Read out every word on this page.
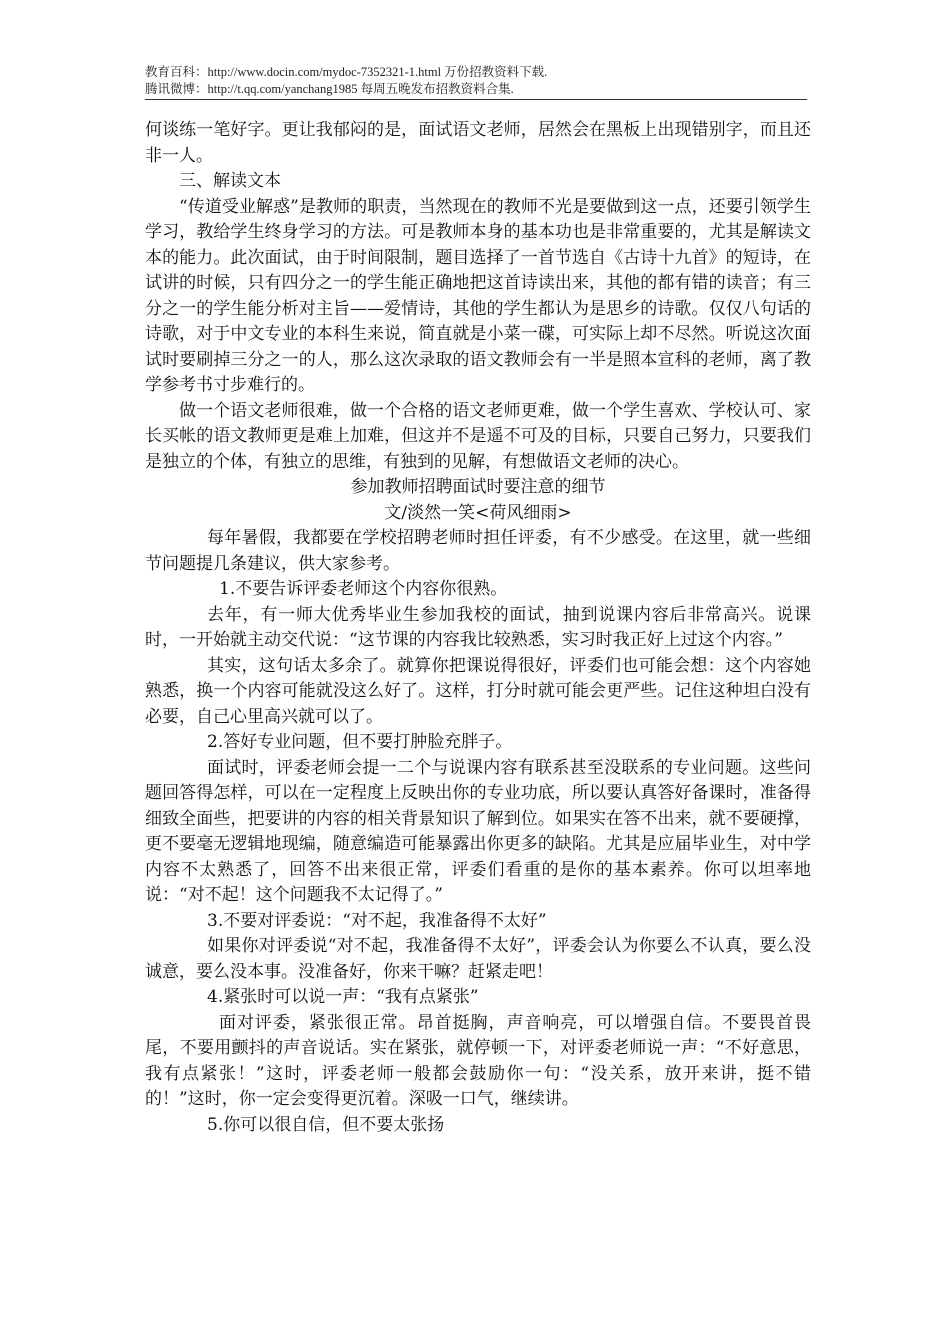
教育百科：http://www.docin.com/mydoc-7352321-1.html 万份招教资料下载.
腾讯微博：http://t.qq.com/yanchang1985 每周五晚发布招教资料合集.

何谈练一笔好字。更让我郁闷的是，面试语文老师，居然会在黑板上出现错别字，而且还非一人。

三、解读文本

“传道受业解惑”是教师的职责，当然现在的教师不光是要做到这一点，还要引领学生学习，教给学生终身学习的方法。可是教师本身的基本功也是非常重要的，尤其是解读文本的能力。此次面试，由于时间限制，题目选择了一首节选自《古诗十九首》的短诗，在试讲的时候，只有四分之一的学生能正确地把这首诗读出来，其他的都有错的读音；有三分之一的学生能分析对主旨——爱情诗，其他的学生都认为是思乡的诗歌。仅仅八句话的诗歌，对于中文专业的本科生来说，简直就是小菜一碟，可实际上却不尽然。听说这次面试时要刷掉三分之一的人，那么这次录取的语文教师会有一半是照本宣科的老师，离了教学参考书寸步难行的。

做一个语文老师很难，做一个合格的语文老师更难，做一个学生喜欢、学校认可、家长买帐的语文教师更是难上加难，但这并不是遥不可及的目标，只要自己努力，只要我们是独立的个体，有独立的思维，有独到的见解，有想做语文老师的决心。

参加教师招聘面试时要注意的细节

文/淡然一笑<荷风细雨>

每年暑假，我都要在学校招聘老师时担任评委，有不少感受。在这里，就一些细节问题提几条建议，供大家参考。

1.不要告诉评委老师这个内容你很熟。

去年，有一师大优秀毕业生参加我校的面试，抽到说课内容后非常高兴。说课时，一开始就主动交代说：“这节课的内容我比较熟悉，实习时我正好上过这个内容。”

其实，这句话太多余了。就算你把课说得很好，评委们也可能会想：这个内容她熟悉，换一个内容可能就没这么好了。这样，打分时就可能会更严些。记住这种坦白没有必要，自己心里高兴就可以了。

2.答好专业问题，但不要打肿脸充胖子。

面试时，评委老师会提一二个与说课内容有联系甚至没联系的专业问题。这些问题回答得怎样，可以在一定程度上反映出你的专业功底，所以要认真答好备课时，准备得细致全面些，把要讲的内容的相关背景知识了解到位。如果实在答不出来，就不要硬撑，更不要毫无逻辑地现编，随意编造可能暴露出你更多的缺陷。尤其是应届毕业生，对中学内容不太熟悉了，回答不出来很正常，评委们看重的是你的基本素养。你可以坦率地说：“对不起！这个问题我不太记得了。”

3.不要对评委说：“对不起，我准备得不太好”

如果你对评委说“对不起，我准备得不太好”，评委会认为你要么不认真，要么没诚意，要么没本事。没准备好，你来干嘛？赶紧走吧！

4.紧张时可以说一声：“我有点紧张”

面对评委，紧张很正常。昂首挺胸，声音响亮，可以增强自信。不要畏首畏尾，不要用颤抖的声音说话。实在紧张，就停顿一下，对评委老师说一声：“不好意思，我有点紧张！”这时，评委老师一般都会鼓励你一句：“没关系，放开来讲，挺不错的！”这时，你一定会变得更沉着。深吸一口气，继续讲。

5.你可以很自信，但不要太张扬
